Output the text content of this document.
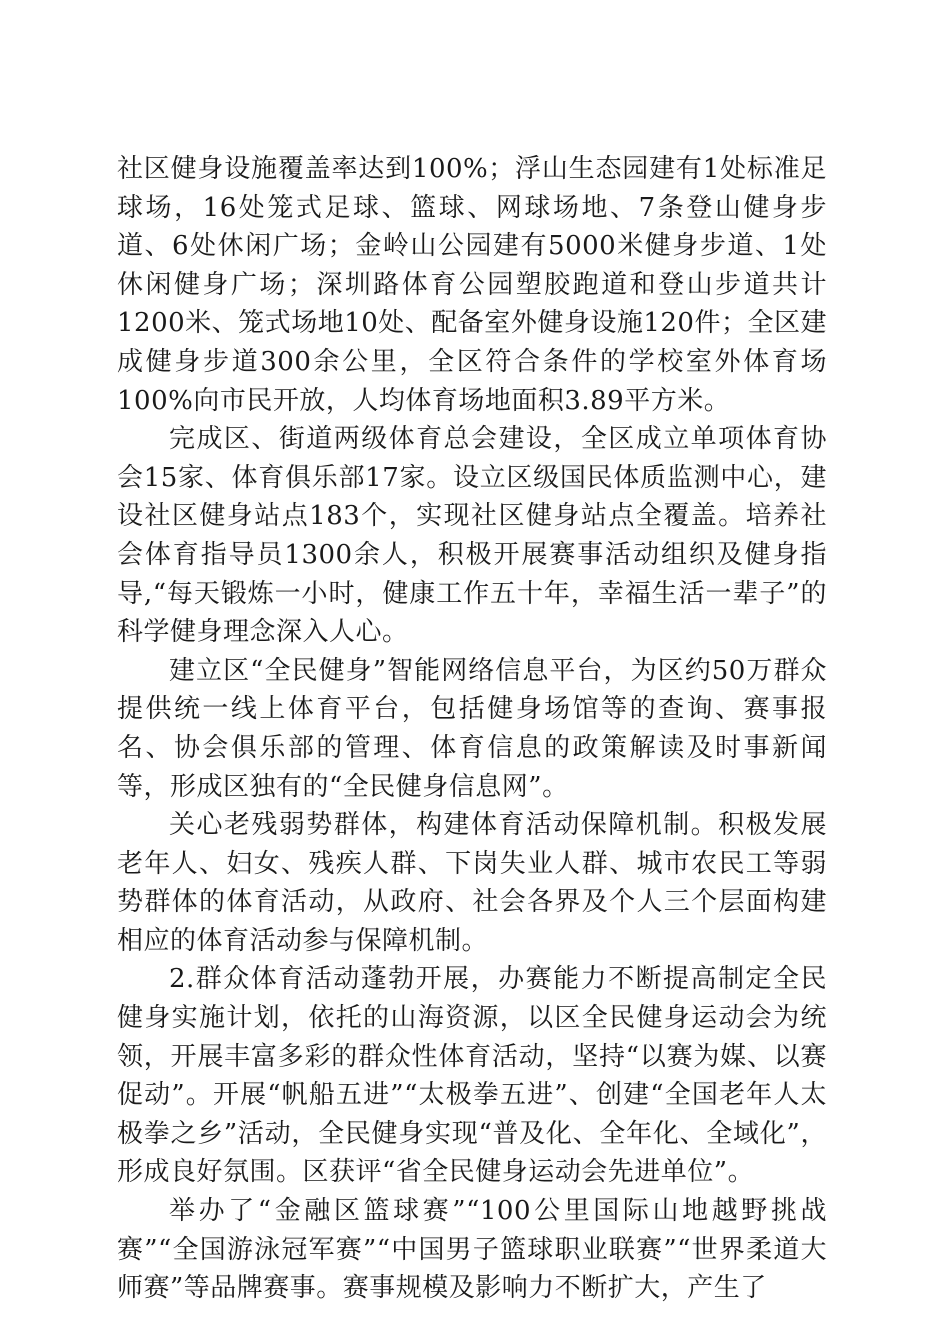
社区健身设施覆盖率达到100%；浮山生态园建有1处标准足球场，16处笼式足球、篮球、网球场地、7条登山健身步道、6处休闲广场；金岭山公园建有5000米健身步道、1处休闲健身广场；深圳路体育公园塑胶跑道和登山步道共计1200米、笼式场地10处、配备室外健身设施120件；全区建成健身步道300余公里，全区符合条件的学校室外体育场100%向市民开放，人均体育场地面积3.89平方米。

完成区、街道两级体育总会建设，全区成立单项体育协会15家、体育俱乐部17家。设立区级国民体质监测中心，建设社区健身站点183个，实现社区健身站点全覆盖。培养社会体育指导员1300余人，积极开展赛事活动组织及健身指导,“每天锻炼一小时，健康工作五十年，幸福生活一辈子”的科学健身理念深入人心。

建立区“全民健身”智能网络信息平台，为区约50万群众提供统一线上体育平台，包括健身场馆等的查询、赛事报名、协会俱乐部的管理、体育信息的政策解读及时事新闻等，形成区独有的“全民健身信息网”。

关心老残弱势群体，构建体育活动保障机制。积极发展老年人、妇女、残疾人群、下岗失业人群、城市农民工等弱势群体的体育活动，从政府、社会各界及个人三个层面构建相应的体育活动参与保障机制。

2.群众体育活动蓬勃开展，办赛能力不断提高制定全民健身实施计划，依托的山海资源，以区全民健身运动会为统领，开展丰富多彩的群众性体育活动，坚持“以赛为媒、以赛促动”。开展“帆船五进”“太极拳五进”、创建“全国老年人太极拳之乡”活动，全民健身实现“普及化、全年化、全域化”，形成良好氛围。区获评“省全民健身运动会先进单位”。

举办了“金融区篮球赛”“100公里国际山地越野挑战赛”“全国游泳冠军赛”“中国男子篮球职业联赛”“世界柔道大师赛”等品牌赛事。赛事规模及影响力不断扩大，产生了
